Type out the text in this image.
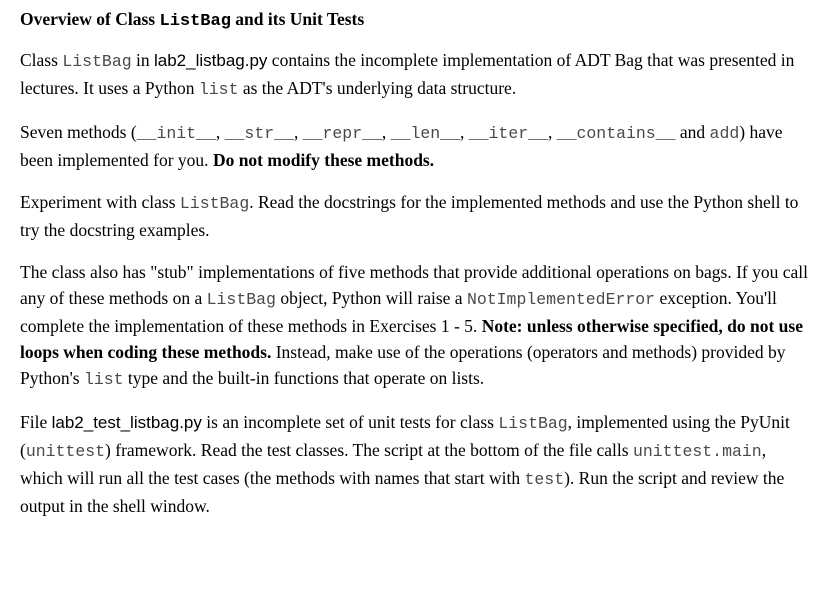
Overview of Class ListBag and its Unit Tests

Class ListBag in lab2_listbag.py contains the incomplete implementation of ADT Bag that was presented in lectures. It uses a Python list as the ADT's underlying data structure.

Seven methods (__init__, __str__, __repr__, __len__, __iter__, __contains__ and add) have been implemented for you. Do not modify these methods.

Experiment with class ListBag. Read the docstrings for the implemented methods and use the Python shell to try the docstring examples.

The class also has "stub" implementations of five methods that provide additional operations on bags. If you call any of these methods on a ListBag object, Python will raise a NotImplementedError exception. You'll complete the implementation of these methods in Exercises 1 - 5. Note: unless otherwise specified, do not use loops when coding these methods. Instead, make use of the operations (operators and methods) provided by Python's list type and the built-in functions that operate on lists.

File lab2_test_listbag.py is an incomplete set of unit tests for class ListBag, implemented using the PyUnit (unittest) framework. Read the test classes. The script at the bottom of the file calls unittest.main, which will run all the test cases (the methods with names that start with test). Run the script and review the output in the shell window.
